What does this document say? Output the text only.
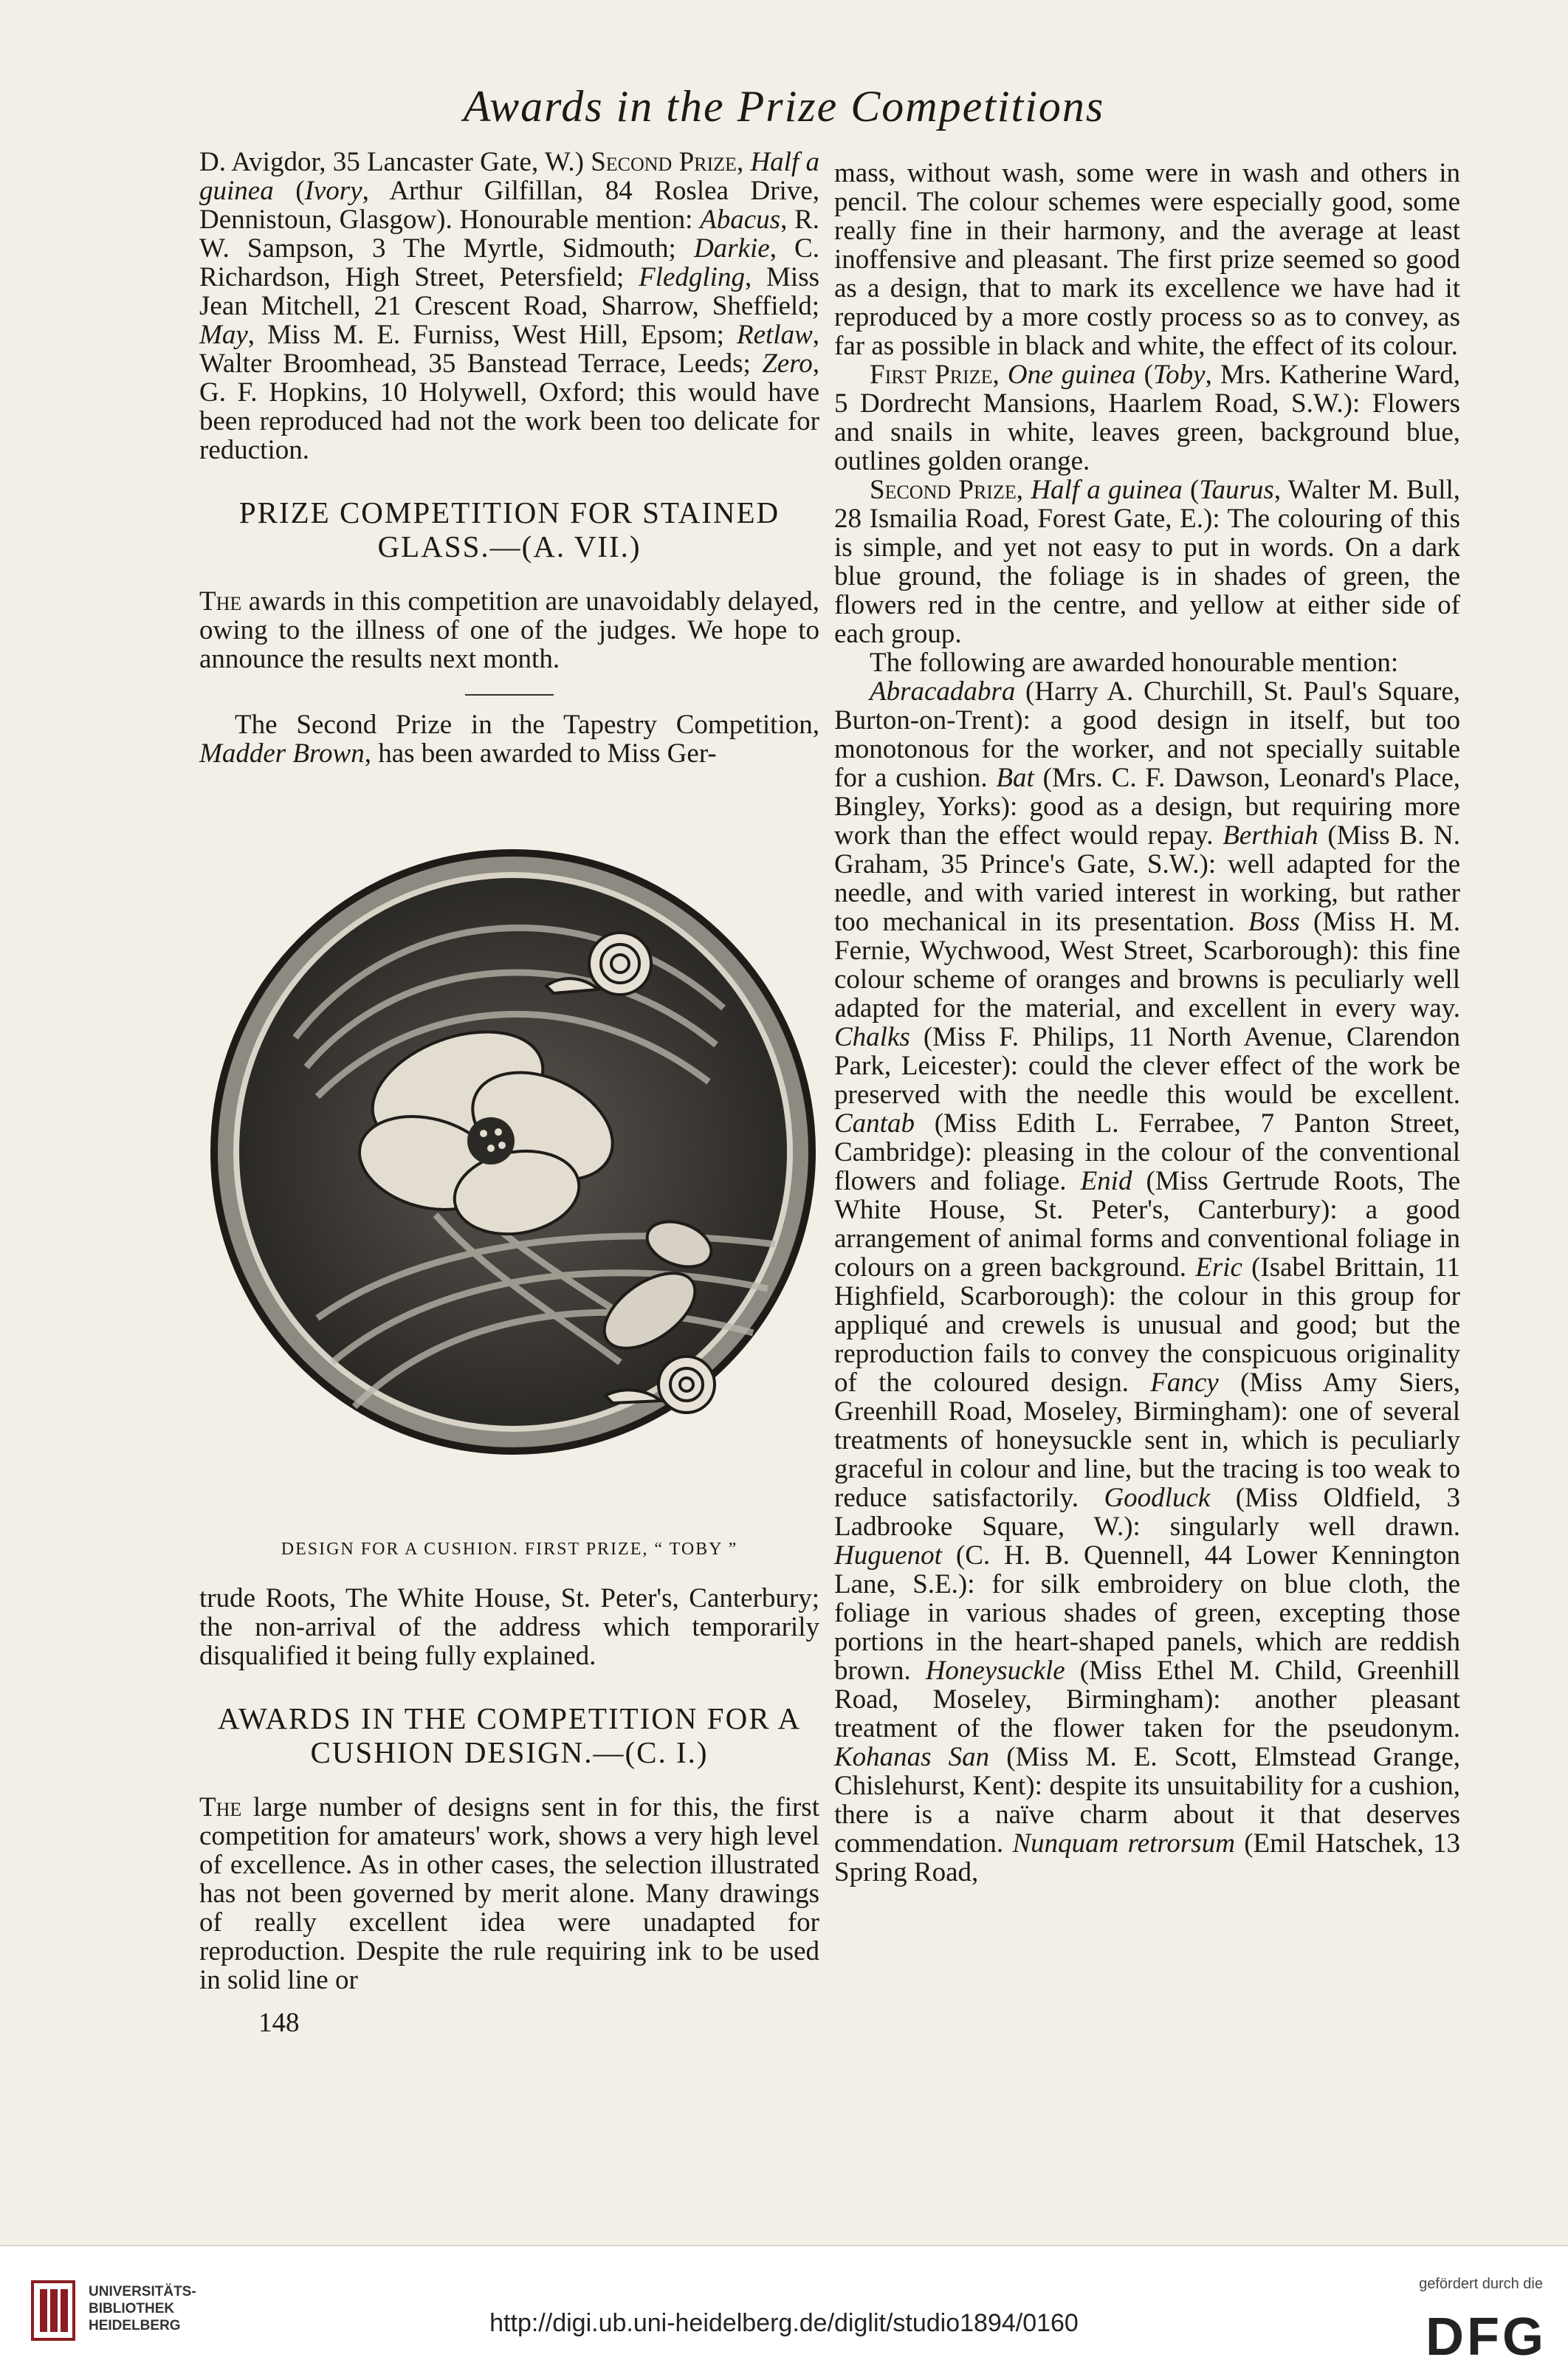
Awards in the Prize Competitions

D. Avigdor, 35 Lancaster Gate, W.) Second Prize, Half a guinea (Ivory, Arthur Gilfillan, 84 Roslea Drive, Dennistoun, Glasgow). Honourable mention: Abacus, R. W. Sampson, 3 The Myrtle, Sidmouth; Darkie, C. Richardson, High Street, Petersfield; Fledgling, Miss Jean Mitchell, 21 Crescent Road, Sharrow, Sheffield; May, Miss M. E. Furniss, West Hill, Epsom; Retlaw, Walter Broomhead, 35 Banstead Terrace, Leeds; Zero, G. F. Hopkins, 10 Holywell, Oxford; this would have been reproduced had not the work been too delicate for reduction.

PRIZE COMPETITION FOR STAINED GLASS.—(A. VII.)

The awards in this competition are unavoidably delayed, owing to the illness of one of the judges. We hope to announce the results next month.

The Second Prize in the Tapestry Competition, Madder Brown, has been awarded to Miss Ger-

DESIGN FOR A CUSHION. FIRST PRIZE, “ TOBY ”

trude Roots, The White House, St. Peter's, Canterbury; the non-arrival of the address which temporarily disqualified it being fully explained.

AWARDS IN THE COMPETITION FOR A CUSHION DESIGN.—(C. I.)

The large number of designs sent in for this, the first competition for amateurs' work, shows a very high level of excellence. As in other cases, the selection illustrated has not been governed by merit alone. Many drawings of really excellent idea were unadapted for reproduction. Despite the rule requiring ink to be used in solid line or

148

mass, without wash, some were in wash and others in pencil. The colour schemes were especially good, some really fine in their harmony, and the average at least inoffensive and pleasant. The first prize seemed so good as a design, that to mark its excellence we have had it reproduced by a more costly process so as to convey, as far as possible in black and white, the effect of its colour.

First Prize, One guinea (Toby, Mrs. Katherine Ward, 5 Dordrecht Mansions, Haarlem Road, S.W.): Flowers and snails in white, leaves green, background blue, outlines golden orange.

Second Prize, Half a guinea (Taurus, Walter M. Bull, 28 Ismailia Road, Forest Gate, E.): The colouring of this is simple, and yet not easy to put in words. On a dark blue ground, the foliage is in shades of green, the flowers red in the centre, and yellow at either side of each group.

The following are awarded honourable mention:

Abracadabra (Harry A. Churchill, St. Paul's Square, Burton-on-Trent): a good design in itself, but too monotonous for the worker, and not specially suitable for a cushion. Bat (Mrs. C. F. Dawson, Leonard's Place, Bingley, Yorks): good as a design, but requiring more work than the effect would repay. Berthiah (Miss B. N. Graham, 35 Prince's Gate, S.W.): well adapted for the needle, and with varied interest in working, but rather too mechanical in its presentation. Boss (Miss H. M. Fernie, Wychwood, West Street, Scarborough): this fine colour scheme of oranges and browns is peculiarly well adapted for the material, and excellent in every way. Chalks (Miss F. Philips, 11 North Avenue, Clarendon Park, Leicester): could the clever effect of the work be preserved with the needle this would be excellent. Cantab (Miss Edith L. Ferrabee, 7 Panton Street, Cambridge): pleasing in the colour of the conventional flowers and foliage. Enid (Miss Gertrude Roots, The White House, St. Peter's, Canterbury): a good arrangement of animal forms and conventional foliage in colours on a green background. Eric (Isabel Brittain, 11 Highfield, Scarborough): the colour in this group for appliqué and crewels is unusual and good; but the reproduction fails to convey the conspicuous originality of the coloured design. Fancy (Miss Amy Siers, Greenhill Road, Moseley, Birmingham): one of several treatments of honeysuckle sent in, which is peculiarly graceful in colour and line, but the tracing is too weak to reduce satisfactorily. Goodluck (Miss Oldfield, 3 Ladbrooke Square, W.): singularly well drawn. Huguenot (C. H. B. Quennell, 44 Lower Kennington Lane, S.E.): for silk embroidery on blue cloth, the foliage in various shades of green, excepting those portions in the heart-shaped panels, which are reddish brown. Honeysuckle (Miss Ethel M. Child, Greenhill Road, Moseley, Birmingham): another pleasant treatment of the flower taken for the pseudonym. Kohanas San (Miss M. E. Scott, Elmstead Grange, Chislehurst, Kent): despite its unsuitability for a cushion, there is a naïve charm about it that deserves commendation. Nunquam retrorsum (Emil Hatschek, 13 Spring Road,

UNIVERSITÄTS-
BIBLIOTHEK
HEIDELBERG	http://digi.ub.uni-heidelberg.de/diglit/studio1894/0160
gefördert durch die
DFG
